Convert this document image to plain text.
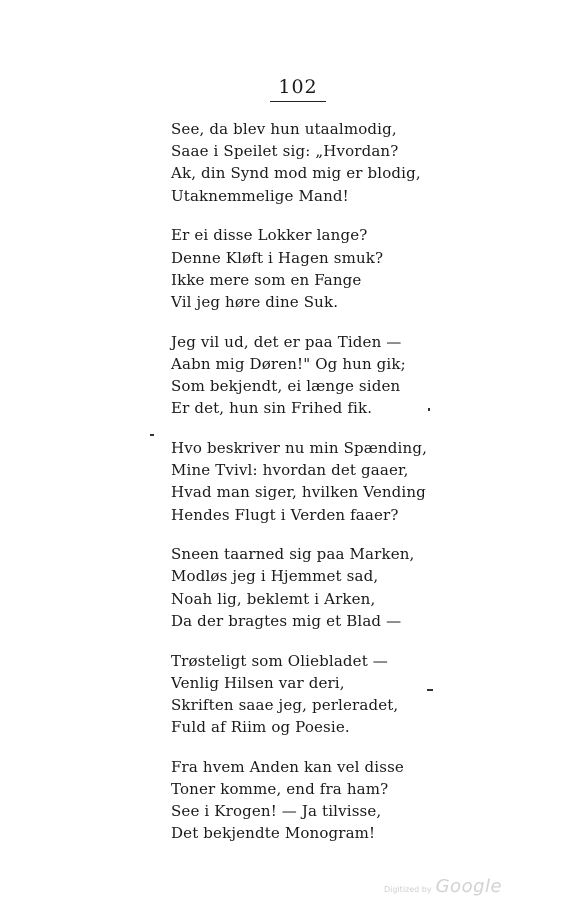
102
See, da blev hun utaalmodig,
Saae i Speilet sig: „Hvordan?
Ak, din Synd mod mig er blodig,
Utaknemmelige Mand!
Er ei disse Lokker lange?
Denne Kløft i Hagen smuk?
Ikke mere som en Fange
Vil jeg høre dine Suk.
Jeg vil ud, det er paa Tiden —
Aabn mig Døren!" Og hun gik;
Som bekjendt, ei længe siden
Er det, hun sin Frihed fik.
Hvo beskriver nu min Spænding,
Mine Tvivl: hvordan det gaaer,
Hvad man siger, hvilken Vending
Hendes Flugt i Verden faaer?
Sneen taarned sig paa Marken,
Modløs jeg i Hjemmet sad,
Noah lig, beklemt i Arken,
Da der bragtes mig et Blad —
Trøsteligt som Oliebladet —
Venlig Hilsen var deri,
Skriften saae jeg, perleradet,
Fuld af Riim og Poesie.
Fra hvem Anden kan vel disse
Toner komme, end fra ham?
See i Krogen! — Ja tilvisse,
Det bekjendte Monogram!
Digitized by Google
